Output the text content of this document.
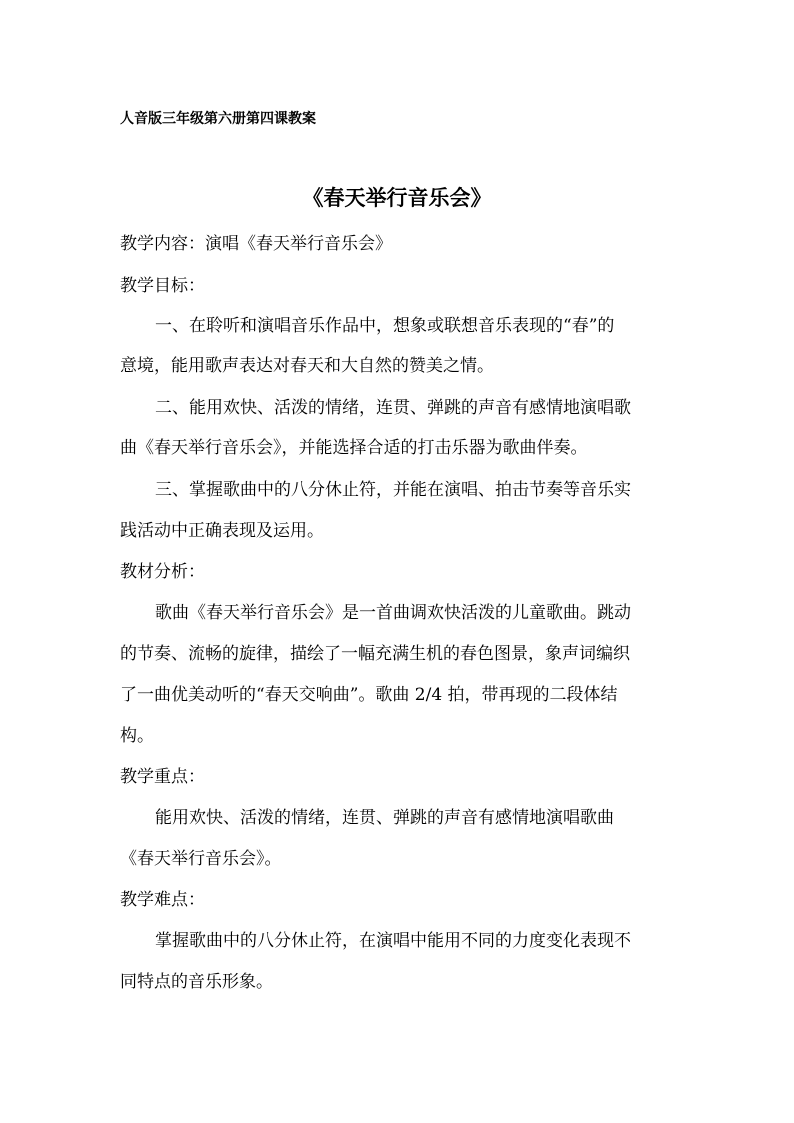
人音版三年级第六册第四课教案
《春天举行音乐会》
教学内容：演唱《春天举行音乐会》
教学目标：
一、在聆听和演唱音乐作品中，想象或联想音乐表现的“春”的
意境，能用歌声表达对春天和大自然的赞美之情。
二、能用欢快、活泼的情绪，连贯、弹跳的声音有感情地演唱歌
曲《春天举行音乐会》，并能选择合适的打击乐器为歌曲伴奏。
三、掌握歌曲中的八分休止符，并能在演唱、拍击节奏等音乐实
践活动中正确表现及运用。
教材分析：
歌曲《春天举行音乐会》是一首曲调欢快活泼的儿童歌曲。跳动
的节奏、流畅的旋律，描绘了一幅充满生机的春色图景，象声词编织
了一曲优美动听的“春天交响曲”。歌曲 2/4 拍，带再现的二段体结
构。
教学重点：
能用欢快、活泼的情绪，连贯、弹跳的声音有感情地演唱歌曲
《春天举行音乐会》。
教学难点：
掌握歌曲中的八分休止符，在演唱中能用不同的力度变化表现不
同特点的音乐形象。
